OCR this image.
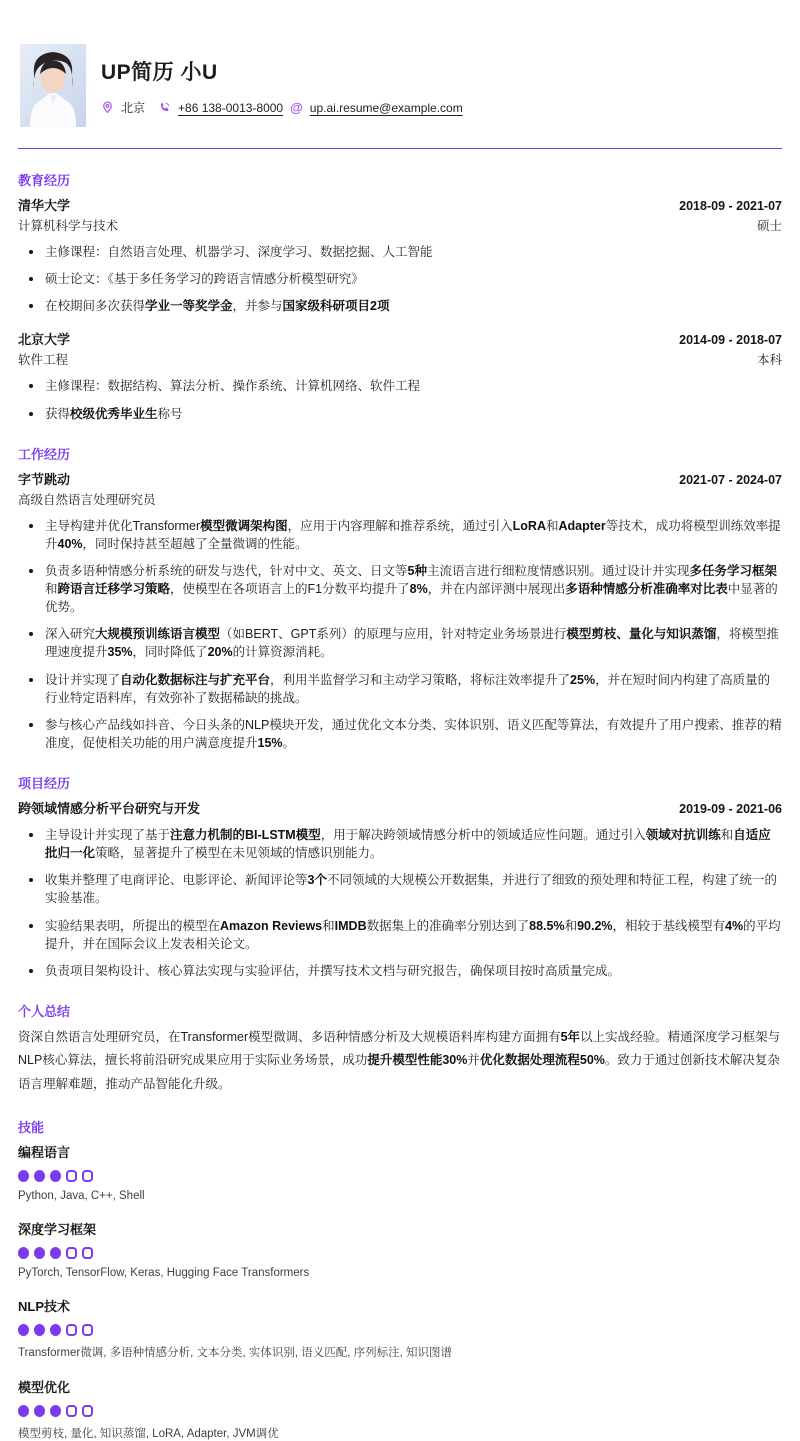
UP简历 小U
北京	+86 138-0013-8000 @ up.ai.resume@example.com
教育经历
清华大学	2018-09 - 2021-07
计算机科学与技术	硕士
主修课程：自然语言处理、机器学习、深度学习、数据挖掘、人工智能
硕士论文：《基于多任务学习的跨语言情感分析模型研究》
在校期间多次获得学业一等奖学金，并参与国家级科研项目2项
北京大学	2014-09 - 2018-07
软件工程	本科
主修课程：数据结构、算法分析、操作系统、计算机网络、软件工程
获得校级优秀毕业生称号
工作经历
字节跳动	2021-07 - 2024-07
高级自然语言处理研究员
主导构建并优化Transformer模型微调架构图，应用于内容理解和推荐系统，通过引入LoRA和Adapter等技术，成功将模型训练效率提升40%，同时保持甚至超越了全量微调的性能。
负责多语种情感分析系统的研发与迭代，针对中文、英文、日文等5种主流语言进行细粒度情感识别。通过设计并实现多任务学习框架和跨语言迁移学习策略，使模型在各项语言上的F1分数平均提升了8%，并在内部评测中展现出多语种情感分析准确率对比表中显著的优势。
深入研究大规模预训练语言模型（如BERT、GPT系列）的原理与应用，针对特定业务场景进行模型剪枝、量化与知识蒸馏，将模型推理速度提升35%，同时降低了20%的计算资源消耗。
设计并实现了自动化数据标注与扩充平台，利用半监督学习和主动学习策略，将标注效率提升了25%，并在短时间内构建了高质量的行业特定语料库，有效弥补了数据稀缺的挑战。
参与核心产品线如抖音、今日头条的NLP模块开发，通过优化文本分类、实体识别、语义匹配等算法，有效提升了用户搜索、推荐的精准度，促使相关功能的用户满意度提升15%。
项目经历
跨领域情感分析平台研究与开发	2019-09 - 2021-06
主导设计并实现了基于注意力机制的BI-LSTM模型，用于解决跨领域情感分析中的领域适应性问题。通过引入领域对抗训练和自适应批归一化策略，显著提升了模型在未见领域的情感识别能力。
收集并整理了电商评论、电影评论、新闻评论等3个不同领域的大规模公开数据集，并进行了细致的预处理和特征工程，构建了统一的实验基准。
实验结果表明，所提出的模型在Amazon Reviews和IMDB数据集上的准确率分别达到了88.5%和90.2%，相较于基线模型有4%的平均提升，并在国际会议上发表相关论文。
负责项目架构设计、核心算法实现与实验评估，并撰写技术文档与研究报告，确保项目按时高质量完成。
个人总结

资深自然语言处理研究员，在Transformer模型微调、多语种情感分析及大规模语料库构建方面拥有5年以上实战经验。精通深度学习框架与NLP核心算法，擅长将前沿研究成果应用于实际业务场景，成功提升模型性能30%并优化数据处理流程50%。致力于通过创新技术解决复杂语言理解难题，推动产品智能化升级。

技能
编程语言
Python, Java, C++, Shell
深度学习框架
PyTorch, TensorFlow, Keras, Hugging Face Transformers
NLP技术
Transformer微调, 多语种情感分析, 文本分类, 实体识别, 语义匹配, 序列标注, 知识图谱
模型优化
模型剪枝, 量化, 知识蒸馏, LoRA, Adapter, JVM调优
